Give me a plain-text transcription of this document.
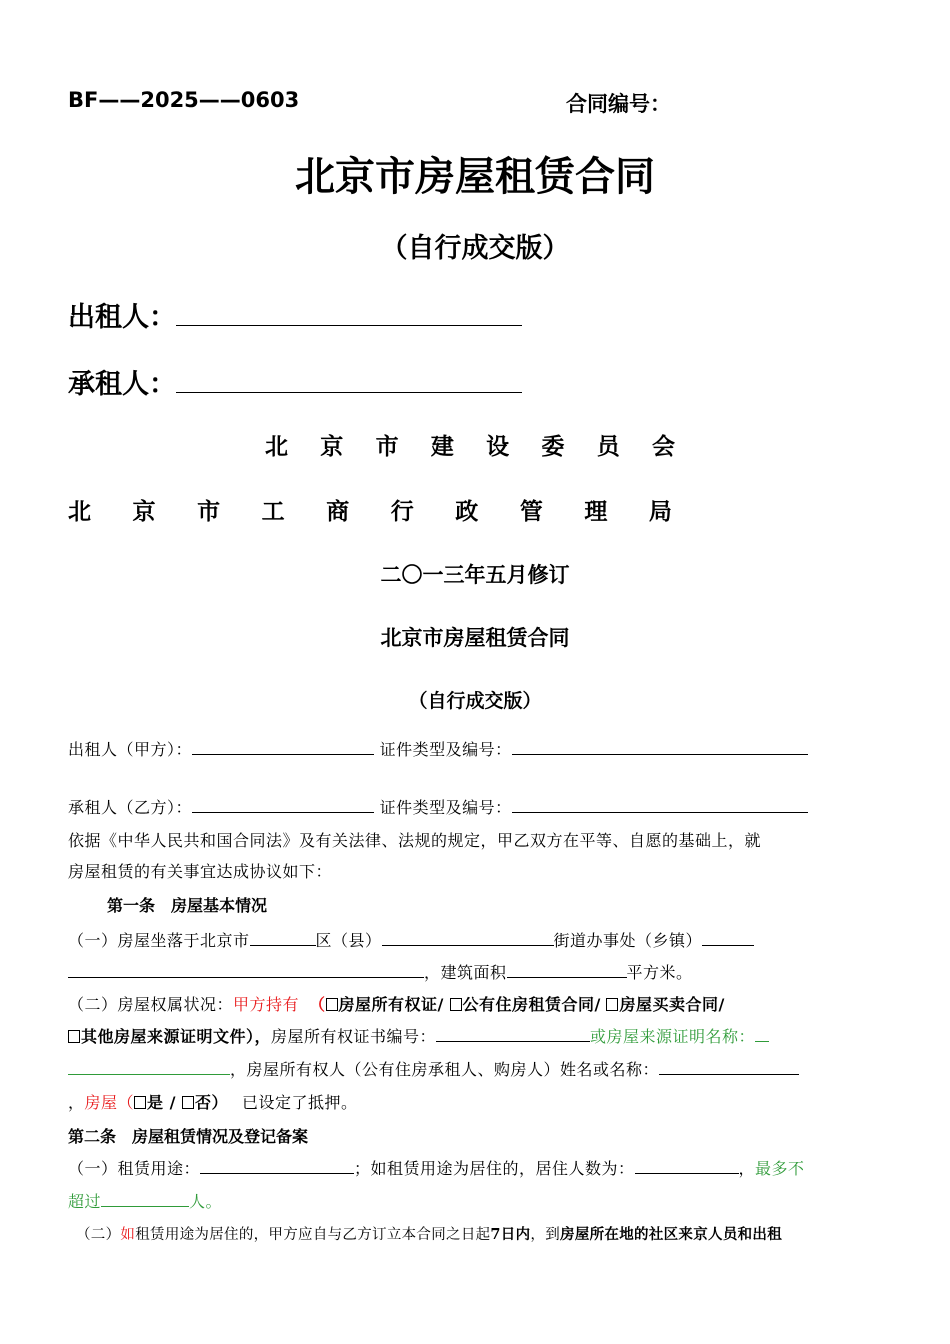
BF——2025——0603	合同编号：
北京市房屋租赁合同
（自行成交版）
出租人：
承租人：
北 京 市 建 设 委 员 会
北 京 市 工 商 行 政 管 理 局
二〇一三年五月修订
北京市房屋租赁合同
（自行成交版）
出租人（甲方）：	证件类型及编号：
承租人（乙方）：	证件类型及编号：
依据《中华人民共和国合同法》及有关法律、法规的规定，甲乙双方在平等、自愿的基础上，就
房屋租赁的有关事宜达成协议如下：
第一条　房屋基本情况
（一）房屋坐落于北京市	区（县）	街道办事处（乡镇）
，建筑面积	平方米。
（二）房屋权属状况：甲方持有 （ 房屋所有权证/ 公有住房租赁合同/ 房屋买卖合同/
其他房屋来源证明文件），房屋所有权证书编号：	或房屋来源证明名称：
，房屋所有权人（公有住房承租人、购房人）姓名或名称：
，房屋（ 是 / 否） 已设定了抵押。
第二条　房屋租赁情况及登记备案
（一）租赁用途：	；如租赁用途为居住的，居住人数为：	，最多不
超过	人。
（二）如租赁用途为居住的，甲方应自与乙方订立本合同之日起7日内，到房屋所在地的社区来京人员和出租
